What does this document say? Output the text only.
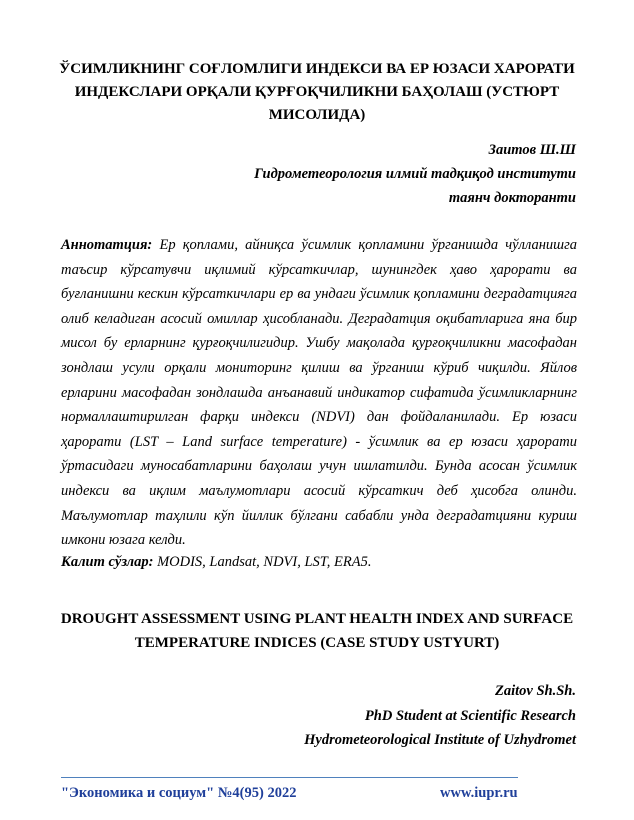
ЎСИМЛИКНИНГ СОҒЛОМЛИГИ ИНДЕКСИ ВА ЕР ЮЗАСИ ХАРОРАТИ
ИНДЕКСЛАРИ ОРҚАЛИ ҚУРҒОҚЧИЛИКНИ БАҲОЛАШ (УСТЮРТ
МИСОЛИДА)
Заитов Ш.Ш
Гидрометеорология илмий тадқиқод институти
таянч докторанти
Аннотатция: Ер қоплами, айниқса ўсимлик қопламини ўрганишда чўлланишга таъсир кўрсатувчи иқлимий кўрсаткичлар, шунингдек ҳаво ҳарорати ва буғланишни кескин кўрсаткичлари ер ва ундаги ўсимлик қопламини деградатцияга олиб келадиган асосий омиллар ҳисобланади. Деградатция оқибатларига яна бир мисол бу ерларнинг қурғоқчилигидир. Ушбу мақолада қурғоқчиликни масофадан зондлаш усули орқали мониторинг қилиш ва ўрганиш кўриб чиқилди. Яйлов ерларини масофадан зондлашда анъанавий индикатор сифатида ўсимликларнинг нормаллаштирилган фарқи индекси (NDVI) дан фойдаланилади. Ер юзаси ҳарорати (LST – Land surface temperature) - ўсимлик ва ер юзаси ҳарорати ўртасидаги муносабатларини баҳолаш учун ишлатилди. Бунда асосан ўсимлик индекси ва иқлим маълумотлари асосий кўрсаткич деб ҳисобга олинди. Маълумотлар таҳлили кўп йиллик бўлгани сабабли унда деградатцияни куриш имкони юзага келди.
Калит сўзлар: MODIS, Landsat, NDVI, LST, ERA5.
DROUGHT ASSESSMENT USING PLANT HEALTH INDEX AND SURFACE
TEMPERATURE INDICES (CASE STUDY USTYURT)
Zaitov Sh.Sh.
PhD Student at Scientific Research
Hydrometeorological Institute of Uzhydromet
"Экономика и социум" №4(95) 2022	www.iupr.ru
